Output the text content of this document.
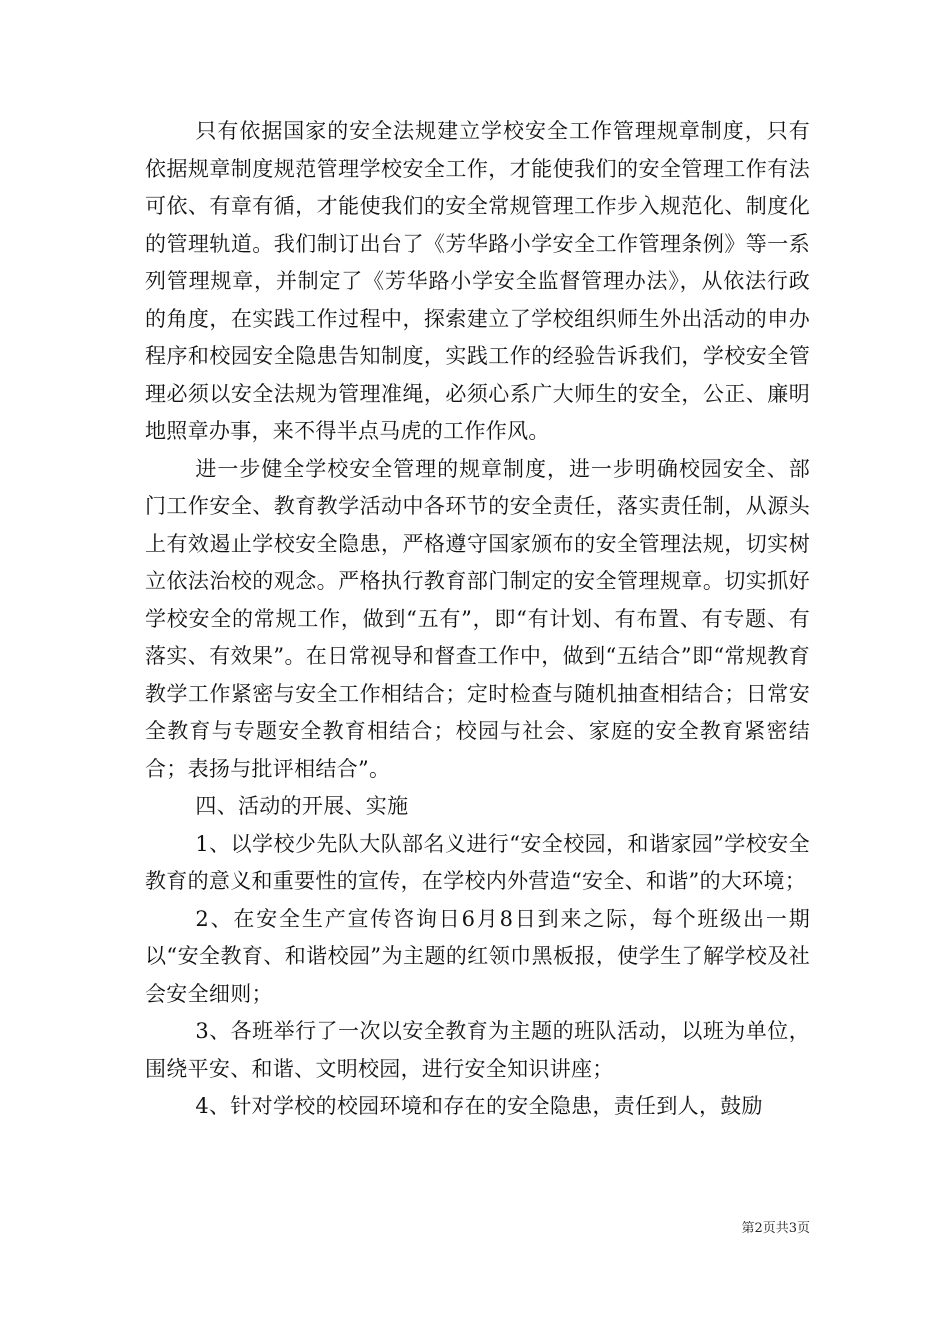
只有依据国家的安全法规建立学校安全工作管理规章制度，只有依据规章制度规范管理学校安全工作，才能使我们的安全管理工作有法可依、有章有循，才能使我们的安全常规管理工作步入规范化、制度化的管理轨道。我们制订出台了《芳华路小学安全工作管理条例》等一系列管理规章，并制定了《芳华路小学安全监督管理办法》，从依法行政的角度，在实践工作过程中，探索建立了学校组织师生外出活动的申办程序和校园安全隐患告知制度，实践工作的经验告诉我们，学校安全管理必须以安全法规为管理准绳，必须心系广大师生的安全，公正、廉明地照章办事，来不得半点马虎的工作作风。

进一步健全学校安全管理的规章制度，进一步明确校园安全、部门工作安全、教育教学活动中各环节的安全责任，落实责任制，从源头上有效遏止学校安全隐患，严格遵守国家颁布的安全管理法规，切实树立依法治校的观念。严格执行教育部门制定的安全管理规章。切实抓好学校安全的常规工作，做到“五有”，即“有计划、有布置、有专题、有落实、有效果”。在日常视导和督查工作中，做到“五结合”即“常规教育教学工作紧密与安全工作相结合；定时检查与随机抽查相结合；日常安全教育与专题安全教育相结合；校园与社会、家庭的安全教育紧密结合；表扬与批评相结合”。

四、活动的开展、实施

1、以学校少先队大队部名义进行“安全校园，和谐家园”学校安全教育的意义和重要性的宣传，在学校内外营造“安全、和谐”的大环境；

2、在安全生产宣传咨询日6月8日到来之际，每个班级出一期以“安全教育、和谐校园”为主题的红领巾黑板报，使学生了解学校及社会安全细则；

3、各班举行了一次以安全教育为主题的班队活动，以班为单位，围绕平安、和谐、文明校园，进行安全知识讲座；

4、针对学校的校园环境和存在的安全隐患，责任到人，鼓励

第2页共3页
